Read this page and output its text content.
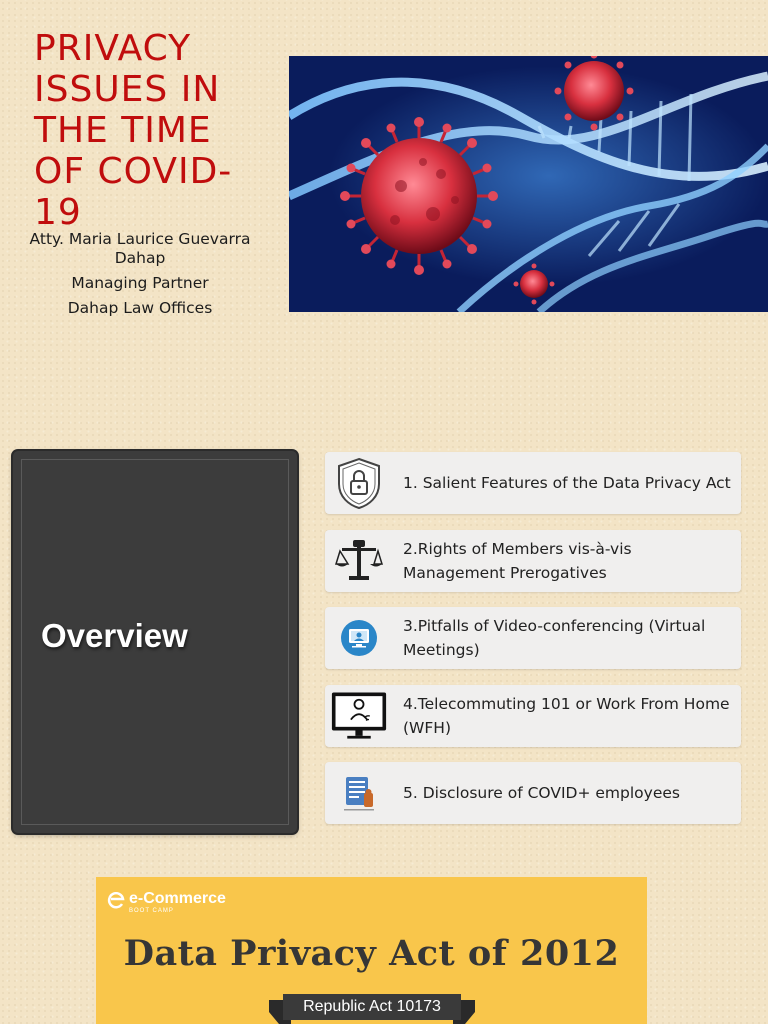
PRIVACY
ISSUES IN
THE TIME
OF COVID-
19
Atty. Maria Laurice Guevarra Dahap
Managing Partner
Dahap Law Offices
Overview
1. Salient Features of the Data Privacy Act
2.Rights of Members vis-à-vis Management Prerogatives
3.Pitfalls of Video-conferencing (Virtual Meetings)
4.Telecommuting 101 or Work From Home (WFH)
5. Disclosure of COVID+ employees
e-Commerce
BOOT CAMP
Data Privacy Act of 2012
Republic Act 10173
